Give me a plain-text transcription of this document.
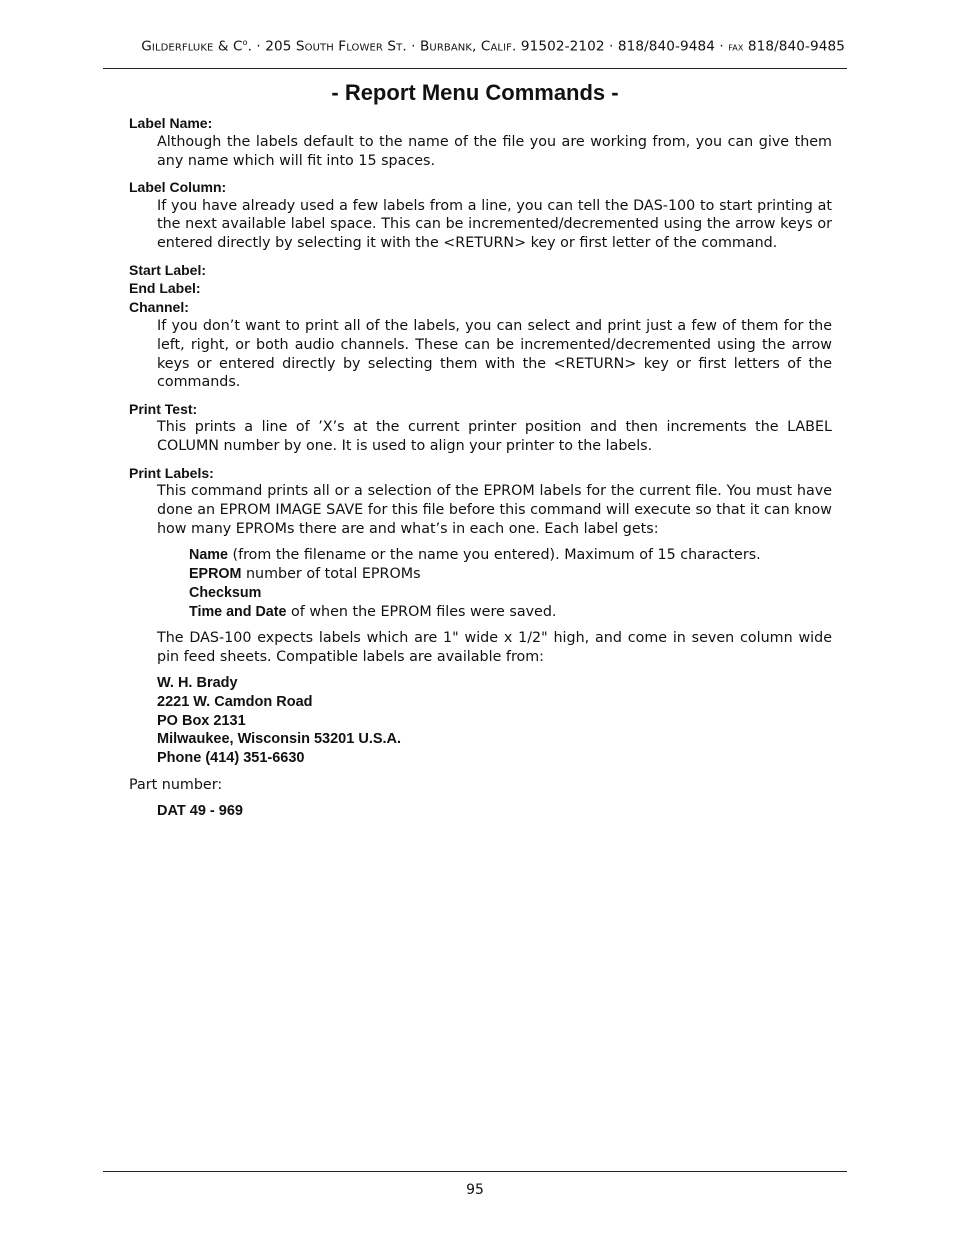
Gilderfluke & $C^o$. · 205 South Flower St. · Burbank, Calif. 91502-2102 · 818/840-9484 · fax 818/840-9485
- Report Menu Commands -
Label Name:
Although the labels default to the name of the file you are working from, you can give them any name which will fit into 15 spaces.
Label Column:
If you have already used a few labels from a line, you can tell the DAS-100 to start printing at the next available label space. This can be incremented/decremented using the arrow keys or entered directly by selecting it with the <RETURN> key or first letter of the command.
Start Label:
End Label:
Channel:
If you don’t want to print all of the labels, you can select and print just a few of them for the left, right, or both audio channels. These can be incremented/decremented using the arrow keys or entered directly by selecting them with the <RETURN> key or first letters of the commands.
Print Test:
This prints a line of ’X’s at the current printer position and then increments the LABEL COLUMN number by one. It is used to align your printer to the labels.
Print Labels:
This command prints all or a selection of the EPROM labels for the current file. You must have done an EPROM IMAGE SAVE for this file before this command will execute so that it can know how many EPROMs there are and what’s in each one. Each label gets:
Name (from the filename or the name you entered). Maximum of 15 characters.
EPROM number of total EPROMs
Checksum
Time and Date of when the EPROM files were saved.
The DAS-100 expects labels which are 1" wide x 1/2" high, and come in seven column wide pin feed sheets. Compatible labels are available from:
W. H. Brady
2221 W. Camdon Road
PO Box 2131
Milwaukee, Wisconsin 53201 U.S.A.
Phone (414) 351-6630
Part number:
DAT 49 - 969
95
